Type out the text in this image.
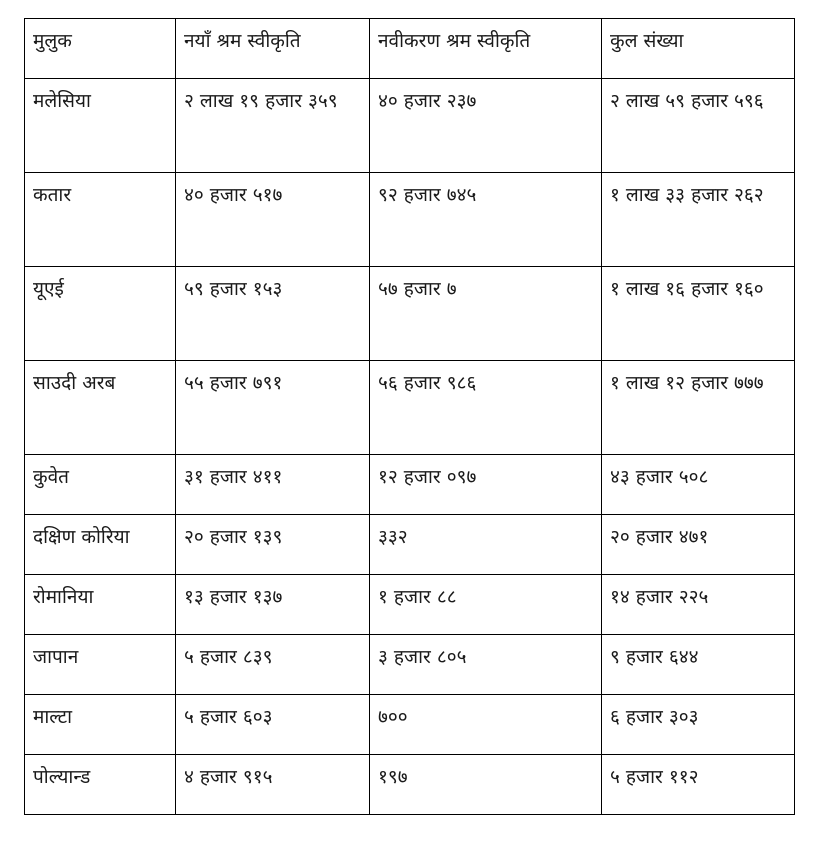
मुलुक	नयाँ श्रम स्वीकृति	नवीकरण श्रम स्वीकृति	कुल संख्या
मलेसिया	२ लाख १९ हजार ३५९	४० हजार २३७	२ लाख ५९ हजार ५९६
कतार	४० हजार ५१७	९२ हजार ७४५	१ लाख ३३ हजार २६२
यूएई	५९ हजार १५३	५७ हजार ७	१ लाख १६ हजार १६०
साउदी अरब	५५ हजार ७९१	५६ हजार ९८६	१ लाख १२ हजार ७७७
कुवेत	३१ हजार ४११	१२ हजार ०९७	४३ हजार ५०८
दक्षिण कोरिया	२० हजार १३९	३३२	२० हजार ४७१
रोमानिया	१३ हजार १३७	१ हजार ८८	१४ हजार २२५
जापान	५ हजार ८३९	३ हजार ८०५	९ हजार ६४४
माल्टा	५ हजार ६०३	७००	६ हजार ३०३
पोल्यान्ड	४ हजार ९१५	१९७	५ हजार ११२
